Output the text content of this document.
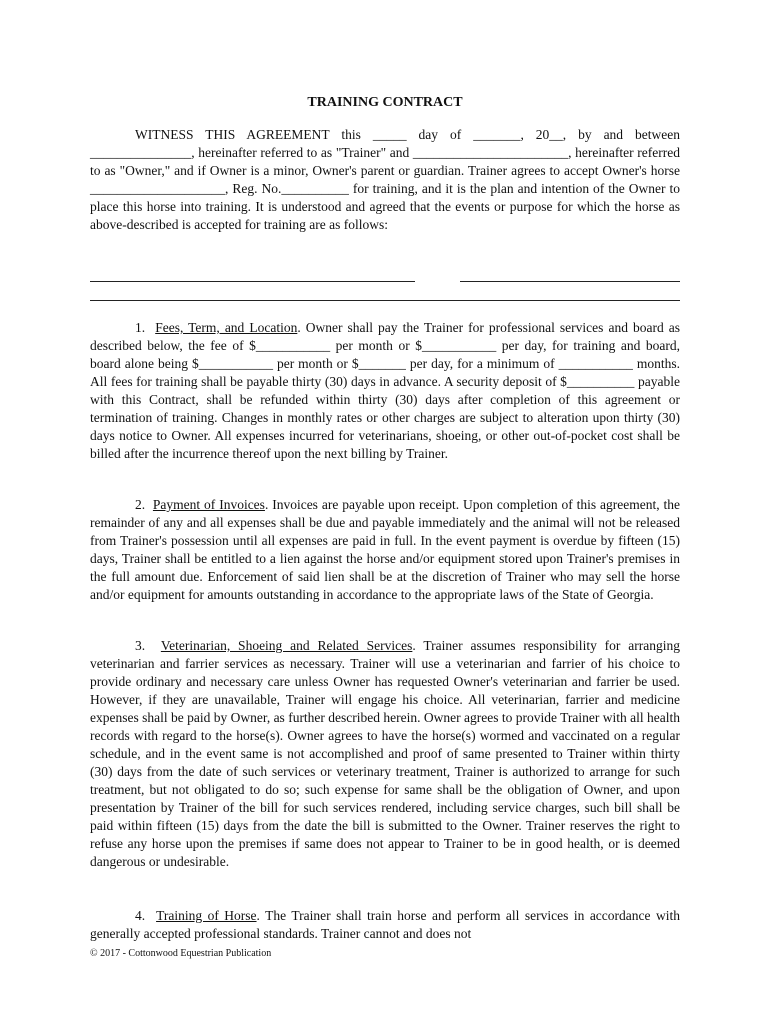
TRAINING CONTRACT

WITNESS THIS AGREEMENT this _____ day of _______, 20__, by and between _______________, hereinafter referred to as "Trainer" and _______________________, hereinafter referred to as "Owner," and if Owner is a minor, Owner's parent or guardian. Trainer agrees to accept Owner's horse ____________________, Reg. No.__________ for training, and it is the plan and intention of the Owner to place this horse into training. It is understood and agreed that the events or purpose for which the horse as above-described is accepted for training are as follows:

1. Fees, Term, and Location. Owner shall pay the Trainer for professional services and board as described below, the fee of $___________ per month or $___________ per day, for training and board, board alone being $___________ per month or $_______ per day, for a minimum of ___________ months. All fees for training shall be payable thirty (30) days in advance. A security deposit of $__________ payable with this Contract, shall be refunded within thirty (30) days after completion of this agreement or termination of training. Changes in monthly rates or other charges are subject to alteration upon thirty (30) days notice to Owner. All expenses incurred for veterinarians, shoeing, or other out-of-pocket cost shall be billed after the incurrence thereof upon the next billing by Trainer.

2. Payment of Invoices. Invoices are payable upon receipt. Upon completion of this agreement, the remainder of any and all expenses shall be due and payable immediately and the animal will not be released from Trainer's possession until all expenses are paid in full. In the event payment is overdue by fifteen (15) days, Trainer shall be entitled to a lien against the horse and/or equipment stored upon Trainer's premises in the full amount due. Enforcement of said lien shall be at the discretion of Trainer who may sell the horse and/or equipment for amounts outstanding in accordance to the appropriate laws of the State of Georgia.

3. Veterinarian, Shoeing and Related Services. Trainer assumes responsibility for arranging veterinarian and farrier services as necessary. Trainer will use a veterinarian and farrier of his choice to provide ordinary and necessary care unless Owner has requested Owner's veterinarian and farrier be used. However, if they are unavailable, Trainer will engage his choice. All veterinarian, farrier and medicine expenses shall be paid by Owner, as further described herein. Owner agrees to provide Trainer with all health records with regard to the horse(s). Owner agrees to have the horse(s) wormed and vaccinated on a regular schedule, and in the event same is not accomplished and proof of same presented to Trainer within thirty (30) days from the date of such services or veterinary treatment, Trainer is authorized to arrange for such treatment, but not obligated to do so; such expense for same shall be the obligation of Owner, and upon presentation by Trainer of the bill for such services rendered, including service charges, such bill shall be paid within fifteen (15) days from the date the bill is submitted to the Owner. Trainer reserves the right to refuse any horse upon the premises if same does not appear to Trainer to be in good health, or is deemed dangerous or undesirable.

4. Training of Horse. The Trainer shall train horse and perform all services in accordance with generally accepted professional standards. Trainer cannot and does not

© 2017 - Cottonwood Equestrian Publication
